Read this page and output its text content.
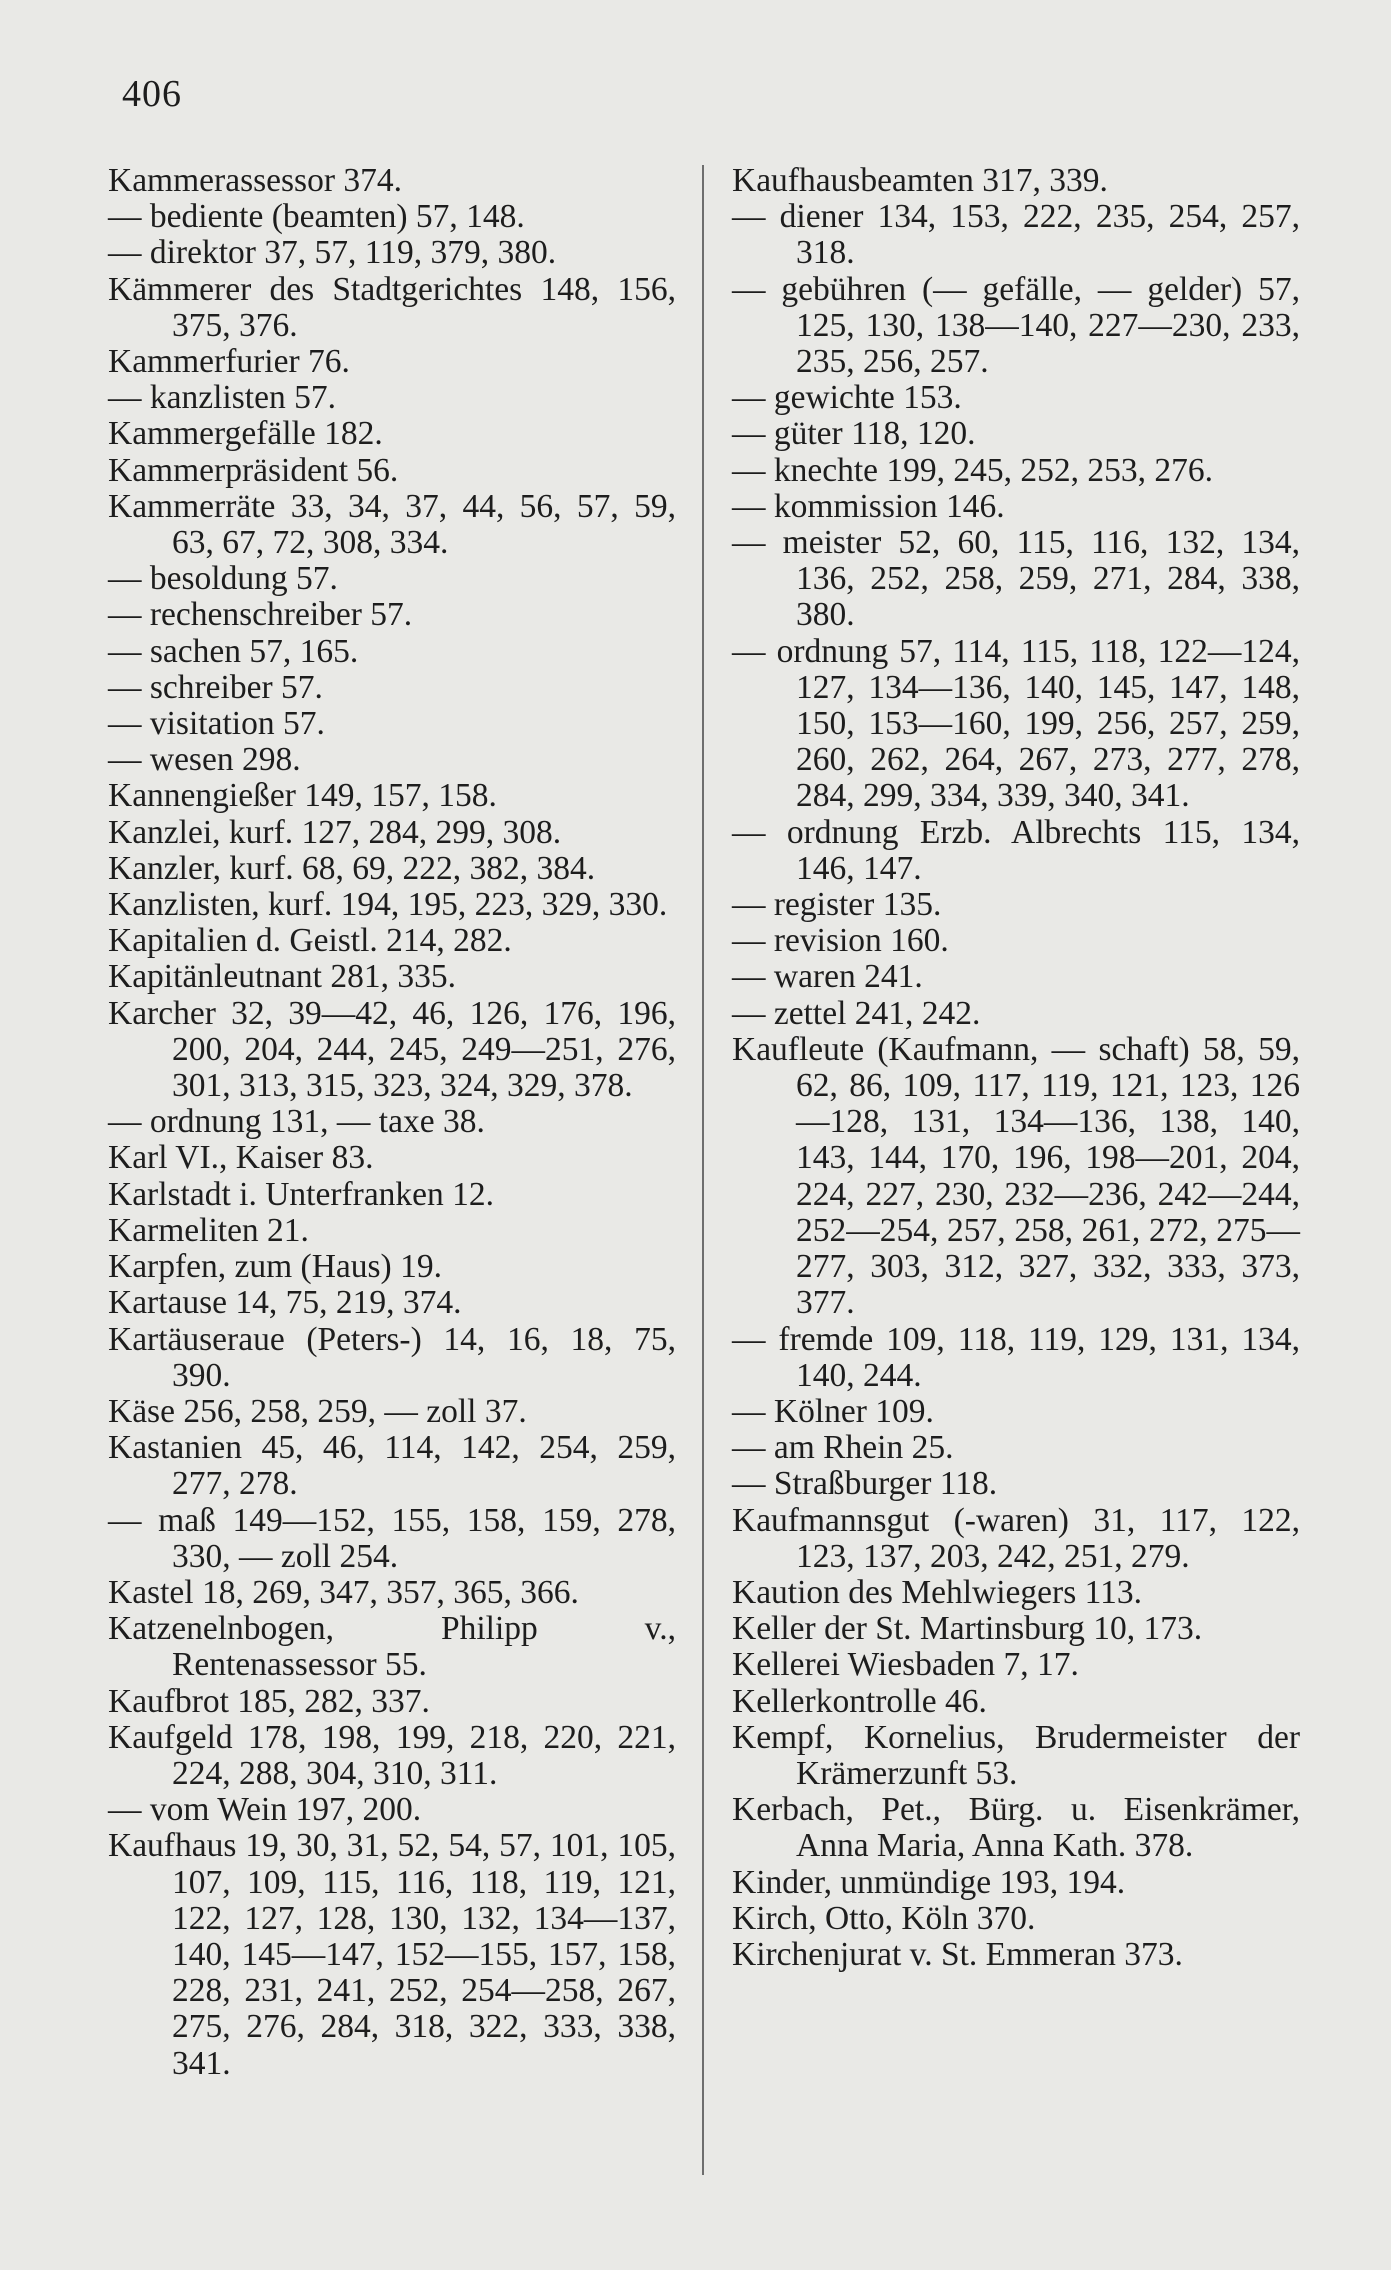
406
Kammerassessor 374.
— bediente (beamten) 57, 148.
— direktor 37, 57, 119, 379, 380.
Kämmerer des Stadtgerichtes 148, 156, 375, 376.
Kammerfurier 76.
— kanzlisten 57.
Kammergefälle 182.
Kammerpräsident 56.
Kammerräte 33, 34, 37, 44, 56, 57, 59, 63, 67, 72, 308, 334.
— besoldung 57.
— rechenschreiber 57.
— sachen 57, 165.
— schreiber 57.
— visitation 57.
— wesen 298.
Kannengießer 149, 157, 158.
Kanzlei, kurf. 127, 284, 299, 308.
Kanzler, kurf. 68, 69, 222, 382, 384.
Kanzlisten, kurf. 194, 195, 223, 329, 330.
Kapitalien d. Geistl. 214, 282.
Kapitänleutnant 281, 335.
Karcher 32, 39—42, 46, 126, 176, 196, 200, 204, 244, 245, 249—251, 276, 301, 313, 315, 323, 324, 329, 378.
— ordnung 131, — taxe 38.
Karl VI., Kaiser 83.
Karlstadt i. Unterfranken 12.
Karmeliten 21.
Karpfen, zum (Haus) 19.
Kartause 14, 75, 219, 374.
Kartäuseraue (Peters-) 14, 16, 18, 75, 390.
Käse 256, 258, 259, — zoll 37.
Kastanien 45, 46, 114, 142, 254, 259, 277, 278.
— maß 149—152, 155, 158, 159, 278, 330, — zoll 254.
Kastel 18, 269, 347, 357, 365, 366.
Katzenelnbogen, Philipp v., Rentenassessor 55.
Kaufbrot 185, 282, 337.
Kaufgeld 178, 198, 199, 218, 220, 221, 224, 288, 304, 310, 311.
— vom Wein 197, 200.
Kaufhaus 19, 30, 31, 52, 54, 57, 101, 105, 107, 109, 115, 116, 118, 119, 121, 122, 127, 128, 130, 132, 134—137, 140, 145—147, 152—155, 157, 158, 228, 231, 241, 252, 254—258, 267, 275, 276, 284, 318, 322, 333, 338, 341.
Kaufhausbeamten 317, 339.
— diener 134, 153, 222, 235, 254, 257, 318.
— gebühren (— gefälle, — gelder) 57, 125, 130, 138—140, 227—230, 233, 235, 256, 257.
— gewichte 153.
— güter 118, 120.
— knechte 199, 245, 252, 253, 276.
— kommission 146.
— meister 52, 60, 115, 116, 132, 134, 136, 252, 258, 259, 271, 284, 338, 380.
— ordnung 57, 114, 115, 118, 122—124, 127, 134—136, 140, 145, 147, 148, 150, 153—160, 199, 256, 257, 259, 260, 262, 264, 267, 273, 277, 278, 284, 299, 334, 339, 340, 341.
— ordnung Erzb. Albrechts 115, 134, 146, 147.
— register 135.
— revision 160.
— waren 241.
— zettel 241, 242.
Kaufleute (Kaufmann, — schaft) 58, 59, 62, 86, 109, 117, 119, 121, 123, 126—128, 131, 134—136, 138, 140, 143, 144, 170, 196, 198—201, 204, 224, 227, 230, 232—236, 242—244, 252—254, 257, 258, 261, 272, 275—277, 303, 312, 327, 332, 333, 373, 377.
— fremde 109, 118, 119, 129, 131, 134, 140, 244.
— Kölner 109.
— am Rhein 25.
— Straßburger 118.
Kaufmannsgut (-waren) 31, 117, 122, 123, 137, 203, 242, 251, 279.
Kaution des Mehlwiegers 113.
Keller der St. Martinsburg 10, 173.
Kellerei Wiesbaden 7, 17.
Kellerkontrolle 46.
Kempf, Kornelius, Brudermeister der Krämerzunft 53.
Kerbach, Pet., Bürg. u. Eisenkrämer, Anna Maria, Anna Kath. 378.
Kinder, unmündige 193, 194.
Kirch, Otto, Köln 370.
Kirchenjurat v. St. Emmeran 373.
